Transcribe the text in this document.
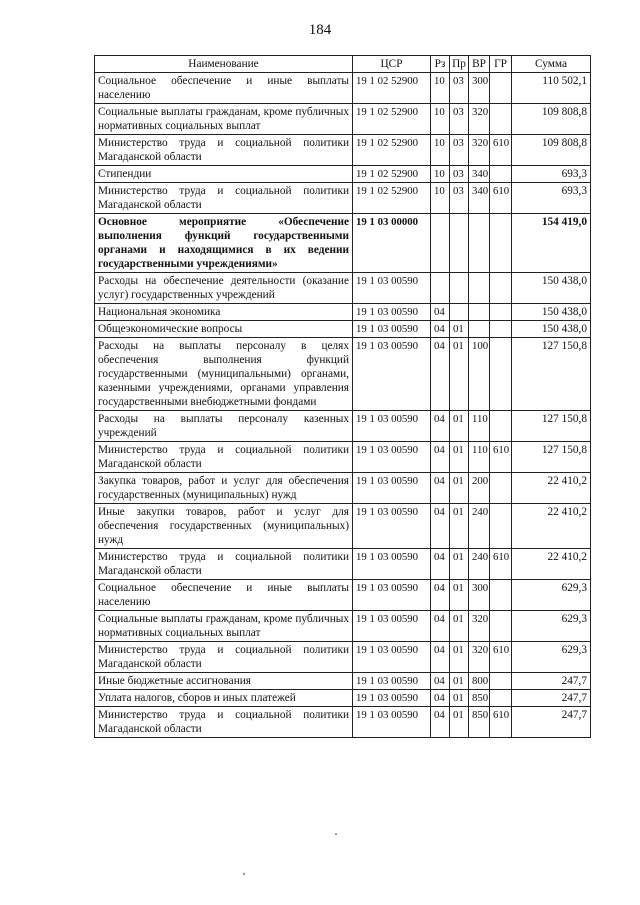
184
Наименование	ЦСР	Рз	Пр	ВР	ГР	Сумма
Социальное обеспечение и иные выплаты населению	19 1 02 52900	10	03	300		110 502,1
Социальные выплаты гражданам, кроме публичных нормативных социальных выплат	19 1 02 52900	10	03	320		109 808,8
Министерство труда и социальной политики Магаданской области	19 1 02 52900	10	03	320	610	109 808,8
Стипендии	19 1 02 52900	10	03	340		693,3
Министерство труда и социальной политики Магаданской области	19 1 02 52900	10	03	340	610	693,3
Основное мероприятие «Обеспечение выполнения функций государственными органами и находящимися в их ведении государственными учреждениями»	19 1 03 00000					154 419,0
Расходы на обеспечение деятельности (оказание услуг) государственных учреждений	19 1 03 00590					150 438,0
Национальная экономика	19 1 03 00590	04				150 438,0
Общеэкономические вопросы	19 1 03 00590	04	01			150 438,0
Расходы на выплаты персоналу в целях обеспечения выполнения функций государственными (муниципальными) органами, казенными учреждениями, органами управления государственными внебюджетными фондами	19 1 03 00590	04	01	100		127 150,8
Расходы на выплаты персоналу казенных учреждений	19 1 03 00590	04	01	110		127 150,8
Министерство труда и социальной политики Магаданской области	19 1 03 00590	04	01	110	610	127 150,8
Закупка товаров, работ и услуг для обеспечения государственных (муниципальных) нужд	19 1 03 00590	04	01	200		22 410,2
Иные закупки товаров, работ и услуг для обеспечения государственных (муниципальных) нужд	19 1 03 00590	04	01	240		22 410,2
Министерство труда и социальной политики Магаданской области	19 1 03 00590	04	01	240	610	22 410,2
Социальное обеспечение и иные выплаты населению	19 1 03 00590	04	01	300		629,3
Социальные выплаты гражданам, кроме публичных нормативных социальных выплат	19 1 03 00590	04	01	320		629,3
Министерство труда и социальной политики Магаданской области	19 1 03 00590	04	01	320	610	629,3
Иные бюджетные ассигнования	19 1 03 00590	04	01	800		247,7
Уплата налогов, сборов и иных платежей	19 1 03 00590	04	01	850		247,7
Министерство труда и социальной политики Магаданской области	19 1 03 00590	04	01	850	610	247,7
